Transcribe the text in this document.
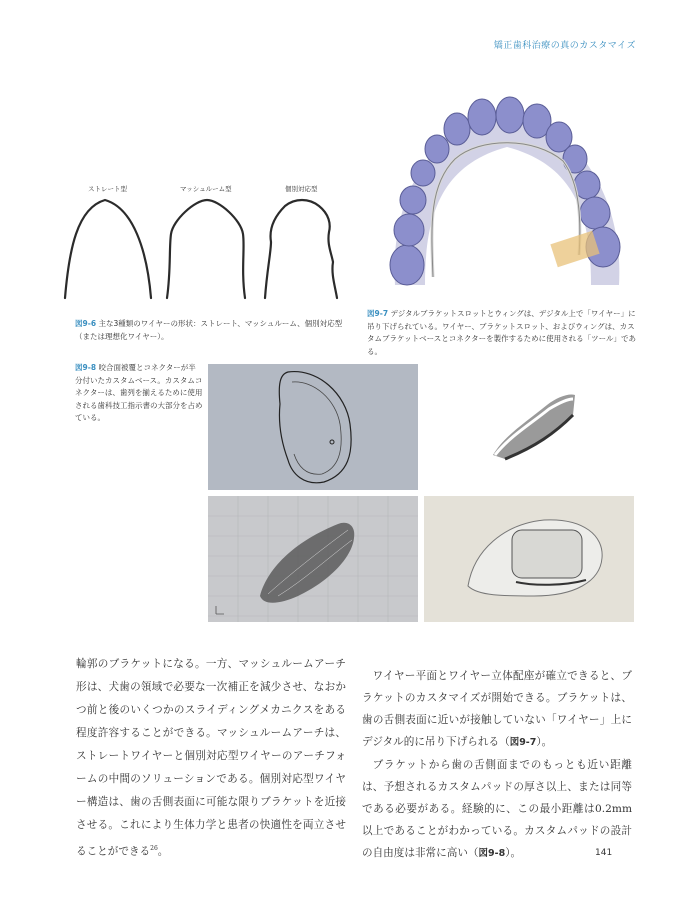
矯正歯科治療の真のカスタマイズ
ストレート型	マッシュルーム型	個別対応型
図9-6 主な3種類のワイヤーの形状：ストレート、マッシュルーム、個別対応型（または理想化ワイヤー）。
図9-7 デジタルブラケットスロットとウィングは、デジタル上で「ワイヤー」に吊り下げられている。ワイヤー、ブラケットスロット、およびウィングは、カスタムブラケットベースとコネクターを製作するために使用される「ツール」である。
図9-8 咬合面被覆とコネクターが半分付いたカスタムベース。カスタムコネクターは、歯列を揃えるために使用される歯科技工指示書の大部分を占めている。

輪郭のブラケットになる。一方、マッシュルームアーチ形は、犬歯の領域で必要な一次補正を減少させ、なおかつ前と後のいくつかのスライディングメカニクスをある程度許容することができる。マッシュルームアーチは、ストレートワイヤーと個別対応型ワイヤーのアーチフォームの中間のソリューションである。個別対応型ワイヤー構造は、歯の舌側表面に可能な限りブラケットを近接させる。これにより生体力学と患者の快適性を両立させることができる$^{26}$。

ワイヤー平面とワイヤー立体配座が確立できると、ブラケットのカスタマイズが開始できる。ブラケットは、歯の舌側表面に近いが接触していない「ワイヤー」上にデジタル的に吊り下げられる（図9-7）。

ブラケットから歯の舌側面までのもっとも近い距離は、予想されるカスタムパッドの厚さ以上、または同等である必要がある。経験的に、この最小距離は0.2mm 以上であることがわかっている。カスタムパッドの設計の自由度は非常に高い（図9-8）。	141
